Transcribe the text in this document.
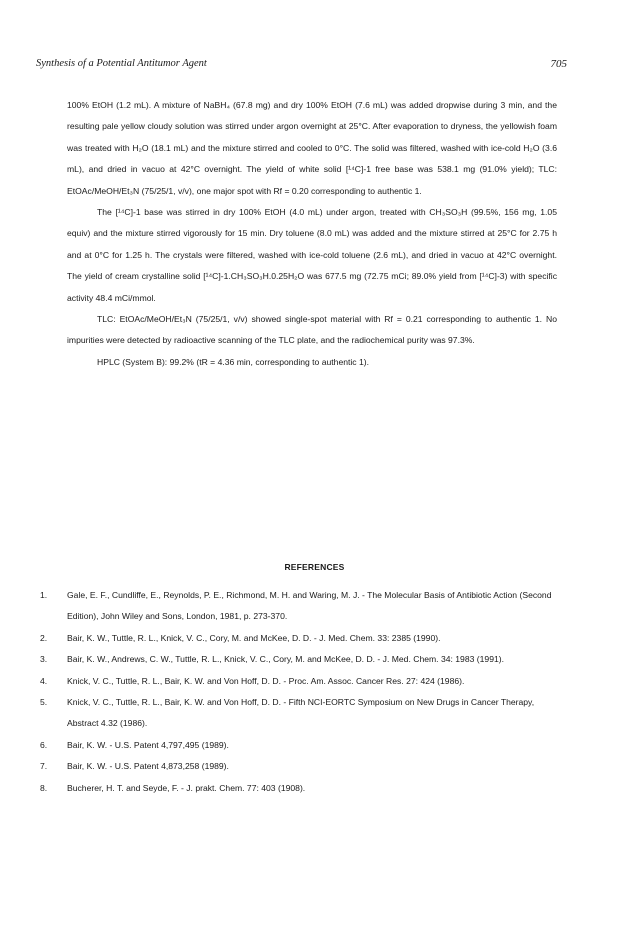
Synthesis of a Potential Antitumor Agent	705

100% EtOH (1.2 mL). A mixture of NaBH₄ (67.8 mg) and dry 100% EtOH (7.6 mL) was added dropwise during 3 min, and the resulting pale yellow cloudy solution was stirred under argon overnight at 25°C. After evaporation to dryness, the yellowish foam was treated with H₂O (18.1 mL) and the mixture stirred and cooled to 0°C. The solid was filtered, washed with ice-cold H₂O (3.6 mL), and dried in vacuo at 42°C overnight. The yield of white solid [¹⁴C]-1 free base was 538.1 mg (91.0% yield); TLC: EtOAc/MeOH/Et₃N (75/25/1, v/v), one major spot with Rf = 0.20 corresponding to authentic 1.

The [¹⁴C]-1 base was stirred in dry 100% EtOH (4.0 mL) under argon, treated with CH₃SO₃H (99.5%, 156 mg, 1.05 equiv) and the mixture stirred vigorously for 15 min. Dry toluene (8.0 mL) was added and the mixture stirred at 25°C for 2.75 h and at 0°C for 1.25 h. The crystals were filtered, washed with ice-cold toluene (2.6 mL), and dried in vacuo at 42°C overnight. The yield of cream crystalline solid [¹⁴C]-1.CH₃SO₃H.0.25H₂O was 677.5 mg (72.75 mCi; 89.0% yield from [¹⁴C]-3) with specific activity 48.4 mCi/mmol.

TLC: EtOAc/MeOH/Et₃N (75/25/1, v/v) showed single-spot material with Rf = 0.21 corresponding to authentic 1. No impurities were detected by radioactive scanning of the TLC plate, and the radiochemical purity was 97.3%.

HPLC (System B): 99.2% (tR = 4.36 min, corresponding to authentic 1).

REFERENCES
1.	Gale, E. F., Cundliffe, E., Reynolds, P. E., Richmond, M. H. and Waring, M. J. - The Molecular Basis of Antibiotic Action (Second Edition), John Wiley and Sons, London, 1981, p. 273-370.
2.	Bair, K. W., Tuttle, R. L., Knick, V. C., Cory, M. and McKee, D. D. - J. Med. Chem. 33: 2385 (1990).
3.	Bair, K. W., Andrews, C. W., Tuttle, R. L., Knick, V. C., Cory, M. and McKee, D. D. - J. Med. Chem. 34: 1983 (1991).
4.	Knick, V. C., Tuttle, R. L., Bair, K. W. and Von Hoff, D. D. - Proc. Am. Assoc. Cancer Res. 27: 424 (1986).
5.	Knick, V. C., Tuttle, R. L., Bair, K. W. and Von Hoff, D. D. - Fifth NCI-EORTC Symposium on New Drugs in Cancer Therapy, Abstract 4.32 (1986).
6.	Bair, K. W. - U.S. Patent 4,797,495 (1989).
7.	Bair, K. W. - U.S. Patent 4,873,258 (1989).
8.	Bucherer, H. T. and Seyde, F. - J. prakt. Chem. 77: 403 (1908).
